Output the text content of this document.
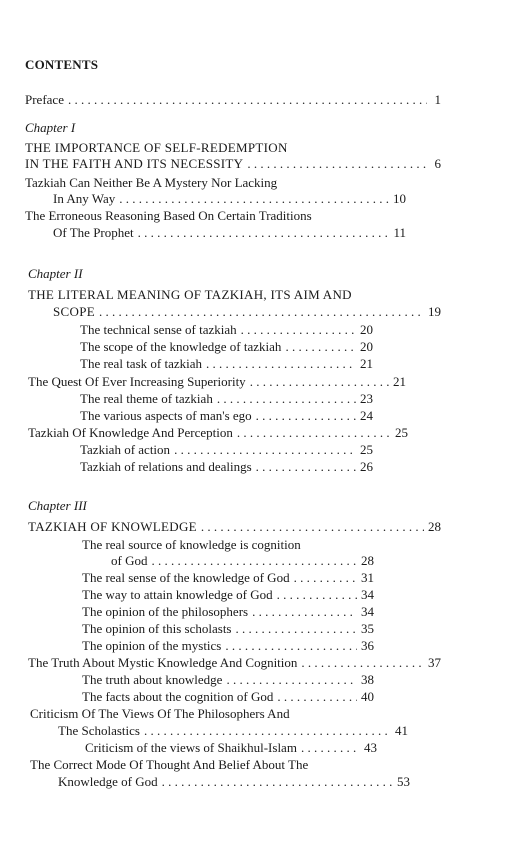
CONTENTS
Preface . . .	1
Chapter I
THE IMPORTANCE OF SELF-REDEMPTION
IN THE FAITH AND ITS NECESSITY . . .	6
Tazkiah Can Neither Be A Mystery Nor Lacking
In Any Way . . .	10
The Erroneous Reasoning Based On Certain Traditions
Of The Prophet . . .	11
Chapter II
THE LITERAL MEANING OF TAZKIAH, ITS AIM AND
SCOPE . . .	19
The technical sense of tazkiah . . .	20
The scope of the knowledge of tazkiah . . .	20
The real task of tazkiah . . .	21
The Quest Of Ever Increasing Superiority . . .	21
The real theme of tazkiah . . .	23
The various aspects of man's ego . . .	24
Tazkiah Of Knowledge And Perception . . .	25
Tazkiah of action . . .	25
Tazkiah of relations and dealings . . .	26
Chapter III
TAZKIAH OF KNOWLEDGE . . .	28
The real source of knowledge is cognition
of God . . .	28
The real sense of the knowledge of God . . .	31
The way to attain knowledge of God . . .	34
The opinion of the philosophers . . .	34
The opinion of this scholasts . . .	35
The opinion of the mystics . . .	36
The Truth About Mystic Knowledge And Cognition . . .	37
The truth about knowledge . . .	38
The facts about the cognition of God . . .	40
Criticism Of The Views Of The Philosophers And
The Scholastics . . .	41
Criticism of the views of Shaikhul-Islam . . .	43
The Correct Mode Of Thought And Belief About The
Knowledge of God . . .	53
